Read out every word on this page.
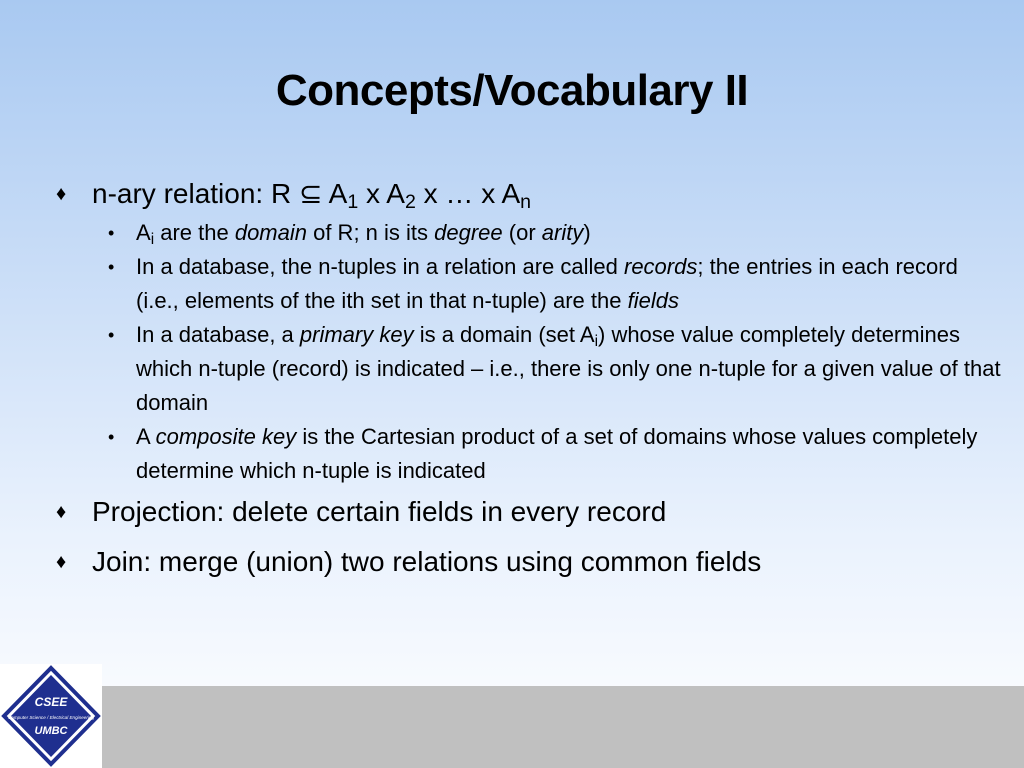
Concepts/Vocabulary II
♦ n-ary relation: R ⊆ $A_1$ x $A_2$ x … x $A_n$
• $A_i$ are the domain of R; n is its degree (or arity)
• In a database, the n-tuples in a relation are called records; the entries in each record (i.e., elements of the ith set in that n-tuple) are the fields
• In a database, a primary key is a domain (set $A_i$) whose value completely determines which n-tuple (record) is indicated – i.e., there is only one n-tuple for a given value of that domain
• A composite key is the Cartesian product of a set of domains whose values completely determine which n-tuple is indicated
♦ Projection: delete certain fields in every record
♦ Join: merge (union) two relations using common fields
CSEE
Computer Science / Electrical Engineering
UMBC
